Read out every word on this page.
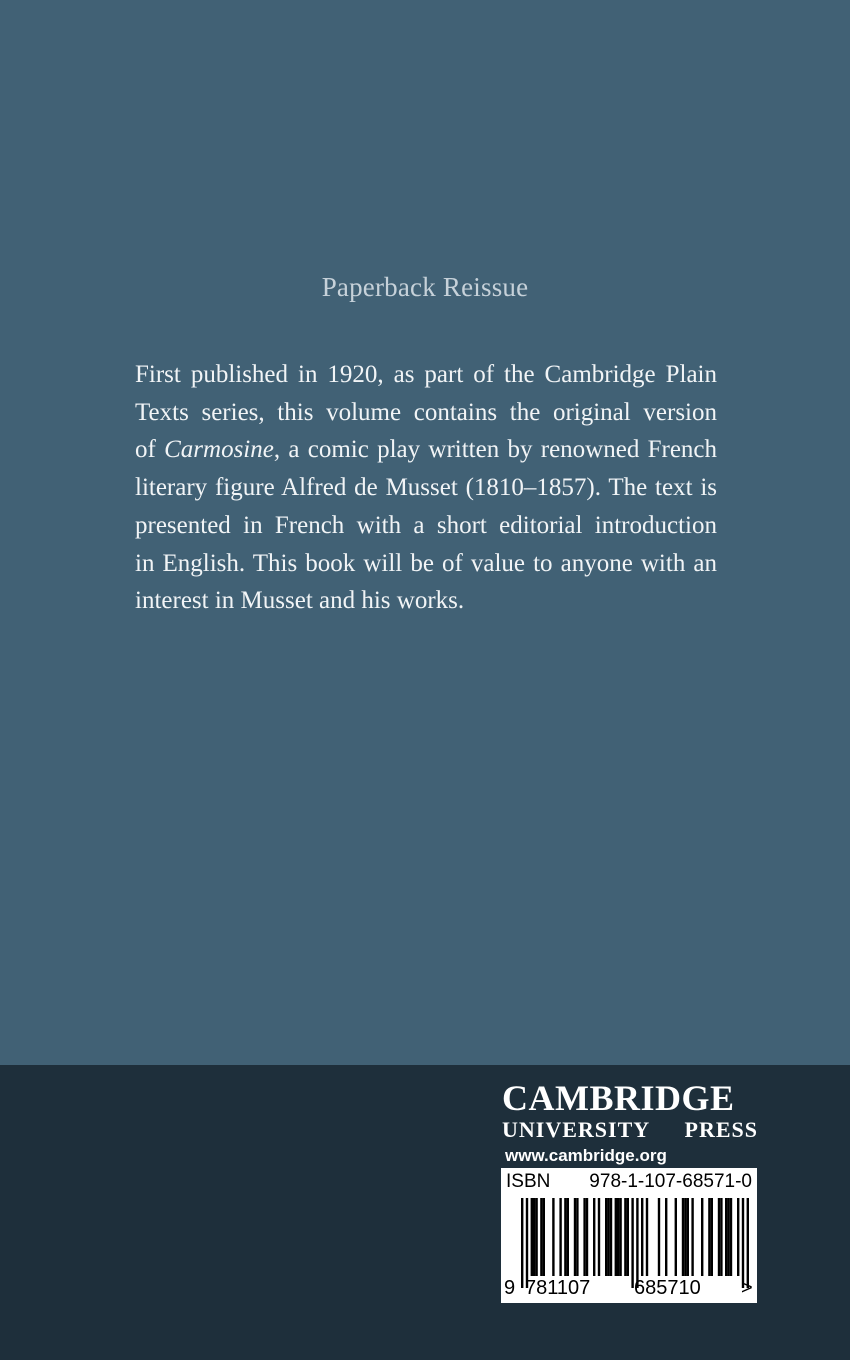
Paperback Reissue

First published in 1920, as part of the Cambridge Plain
Texts series, this volume contains the original version
of Carmosine, a comic play written by renowned French
literary figure Alfred de Musset (1810–1857). The text is
presented in French with a short editorial introduction
in English. This book will be of value to anyone with an
interest in Musset and his works.

CAMBRIDGE
UNIVERSITY PRESS
www.cambridge.org
ISBN 978-1-107-68571-0
9 781107	685710	>
